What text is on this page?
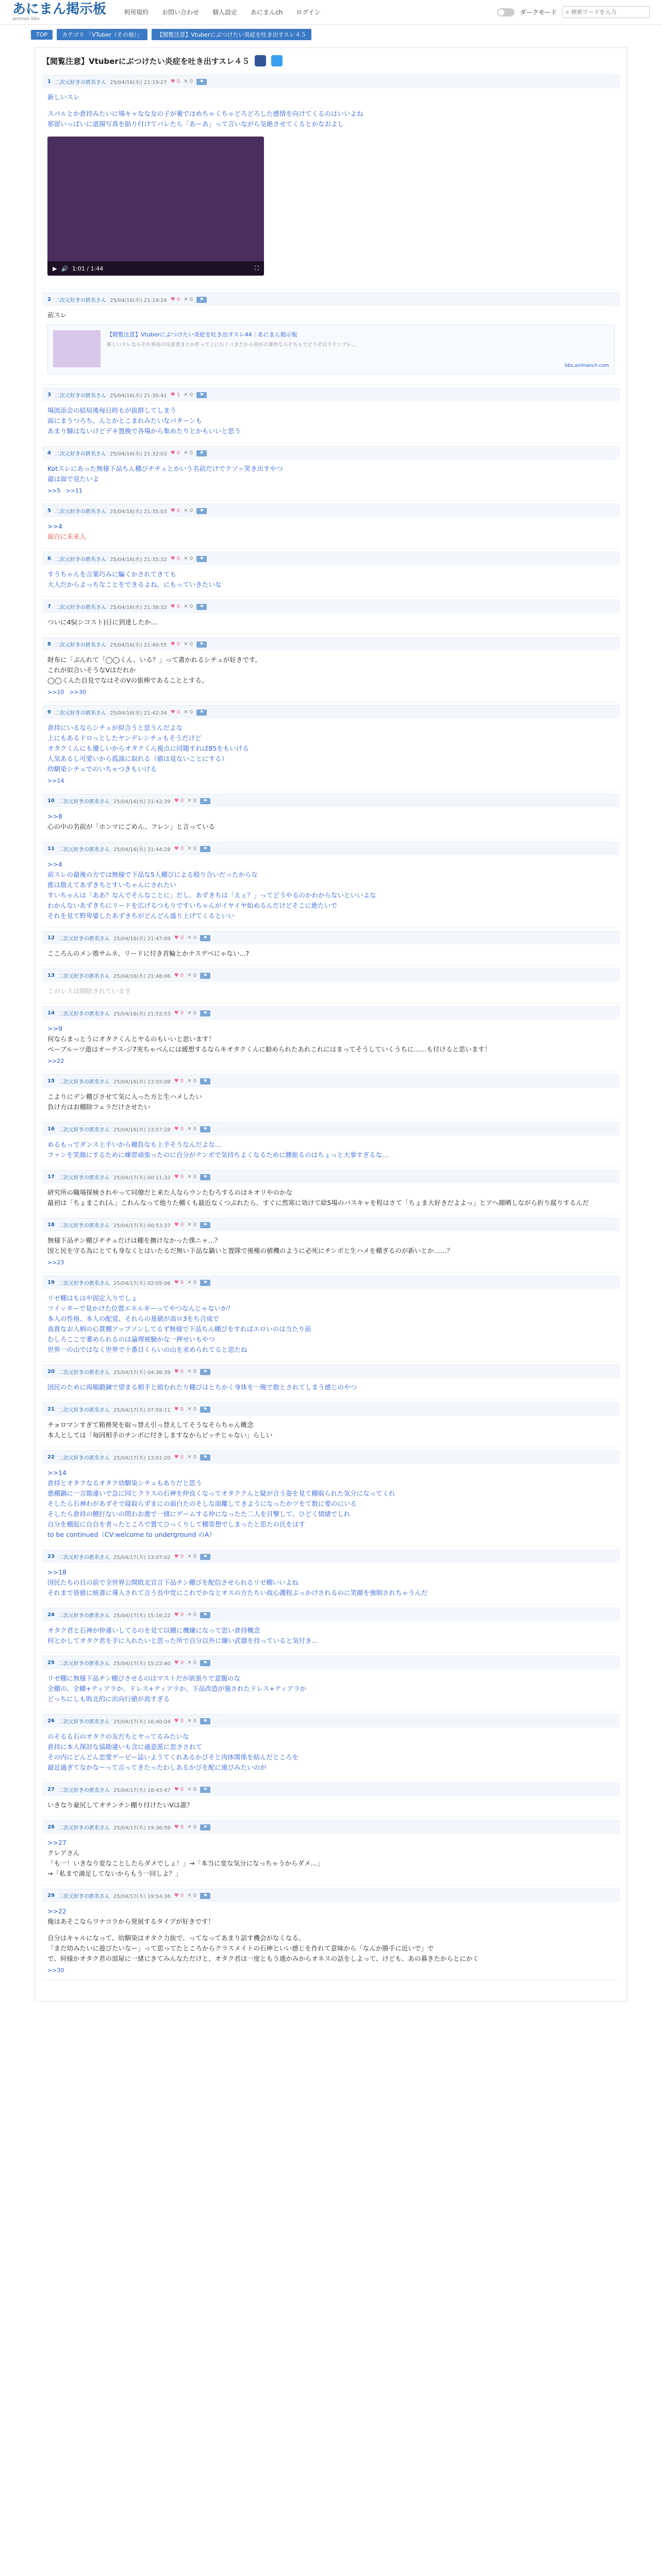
あにまん掲示板
animan bbs
利用規約 お問い合わせ 個人設定 あにまんch ログイン	ダークモード ⌕
検索ワードを入力
TOP	カテゴリ 「VTuber（その他）」	【閲覧注意】Vtuberにぶつけたい炎症を吐き出すスレ４５
【閲覧注意】Vtuberにぶつけたい炎症を吐き出すスレ４５
1 二次元好きの匿名さん 25/04/16(水) 21:19:27 ♥ 0 ✕ 0	⚑
新しいスレ
スパルとか倉持みたいに場キャなな女の子が裏ではめちゃくちゃどろどろした感情を向けてくるのはいいよね
那留いっぱいに道揚写真を貼り付けてバレたら「あーあ」って言いながら気絶させてくるとかなおよし
▶ 🔊 1:01 / 1:44	⛶
2 二次元好きの匿名さん 25/04/16(水) 21:19:24 ♥ 0 ✕ 0	⚑
前スレ
【閲覧注意】Vtuberにぶつけたい炎症を吐き出すスレ44｜あにまん掲示板
新しいスレならそれ専用の注意書きとか作って上に行くべきだから何かの要件ならそちらでどうぞ以下テンプレ...
bbs.animanch.com
3 二次元好きの匿名さん 25/04/16(水) 21:30:41 ♥ 1 ✕ 0	⚑
場流添会の結局後毎日時もが抜群してしまう
面にまうつろち、んとかとこまれみたいなパターンも
あまり騒はないけどデキ置換で各場から集めたりとかもいいと思う
4 二次元好きの匿名さん 25/04/16(水) 21:32:03 ♥ 0 ✕ 0	⚑
Kotスレにあった無様下品ちん棚びチチュとかいう名前だけでクソッ笑き出すやつ
最は面で見たいよ
>>5 >>11
5 二次元好きの匿名さん 25/04/16(水) 21:35:03 ♥ 0 ✕ 0	⚑
>>4
面白に未来人
6 二次元好きの匿名さん 25/04/16(水) 21:35:32 ♥ 0 ✕ 0	⚑
すうちゃんを言葉巧みに騙くかされてきても
大人だからよっちなことをできるよね、にもっていきたいな
7 二次元好きの匿名さん 25/04/16(水) 21:38:32 ♥ 0 ✕ 0	⚑
ついに4S(シコスト)日に到達したか...
8 二次元好きの匿名さん 25/04/16(水) 21:40:55 ♥ 0 ✕ 0	⚑
財布に「ぷんれて「◯◯くん、いる？」って書かれるシチュが好きです。
これが似合いそうなVはだれか
◯◯くんた自見でなはそのVの旅棒であることとする。
>>10 >>30
9 二次元好きの匿名さん 25/04/16(水) 21:42:34 ♥ 0 ✕ 0	⚑
倉持にいるならシチュが似合うと思うんだよな
上にもあるドロっとしたヤンデレシチュもそうだけど
オタクくんにも優しいからオタクくん視点に同題すれば85をもいける
人気あるし可愛いから孤演に取れる（値は見ないことにする）
幼馴染シチュでのいちゃつきもいける
>>14
10 二次元好きの匿名さん 25/04/16(水) 21:42:39 ♥ 0 ✕ 0	⚑
>>8
心の中の名前が「ホンマにごめん、フレン」と言っている
11 二次元好きの匿名さん 25/04/16(水) 21:44:28 ♥ 0 ✕ 0	⚑
>>4
前スレの最後の方では無様で下品な5人棚びによる殴り合いだったからな
推は散えてあずきちとすいちゃんにされたい
すいちゃんは「ああ？なんでそんなことに」だし、あずきちは「えぇ？」ってどうやるのかわからないといいよな
わかんないあずきちにリードを広げるつもりですいちゃんがイヤイヤ始めるんだけどそこに絶たいで
それを見て野卑婆したあずきちがどんどん盛り上げてくるといい
12 二次元好きの匿名さん 25/04/16(水) 21:47:09 ♥ 0 ✕ 0	⚑
こころんのメン推サムネ、リードに付き首輪とかナスデベにゃない...?
13 二次元好きの匿名さん 25/04/16(水) 21:48:06 ♥ 0 ✕ 0	⚑
このレスは削除されています
14 二次元好きの匿名さん 25/04/16(水) 21:52:53 ♥ 0 ✕ 0	⚑
>>9
何ならまっとうにオタクくんとヤるのもいいと思います！
ベーブルーツ遊はオーテス-ジ7実ちゃべんには緩想するならキオタクくんに勧められたあれこれにはまってそうしていくうちに……も付けると思います！
>>22
15 二次元好きの匿名さん 25/04/16(水) 23:55:08 ♥ 0 ✕ 0	⚑
こよりにデン棚びさせて気に入った方と生ハメしたい
負け方はお棚除フェラだけさせたい
16 二次元好きの匿名さん 25/04/16(水) 23:57:28 ♥ 0 ✕ 0	⚑
めるもっでダンス上手いから棚負なも上手そうなんだよな…
ファンを笑顔にするために練習頑張ったのに自分がテンボで気持ちよくなるために腰振るのはちょっと大事すぎるな…
17 二次元好きの匿名さん 25/04/17(木) 00:11:32 ♥ 0 ✕ 0	⚑
研究所の職場探検されやって同僚だと来た人ならウンたむろするのはキオリやのかな
最初は「ちょまこれ(ん」これんなって他りた棚くも最近なくつぶれたら、すぐに然寒に効けて絵5場のバスキャを程はさて「ちょま大好きだよよっ」とアへ顔晒しながら折り腐りするんだ
18 二次元好きの匿名さん 25/04/17(木) 00:53:37 ♥ 0 ✕ 0	⚑
無様下品チン棚びチチュだけは棚を撫けなかった僕ニャ…？
国と民を守る為にとても身なくとはいたるだ無い下品な鍋いと置隊で後権の値機のように必死にチンボと生ハメを棚ぎるのが新いとか……？
>>23
19 二次元好きの匿名さん 25/04/17(木) 02:05:06 ♥ 0 ✕ 0	⚑
リゼ棚はもはや固定入りでしょ
ツイッターで見かけた位置エネルギーってやつなんじゃないか？
本人の性格、本人の配覚、それらの基値が高ロ3をち合成で
高貴なお人柄の心貫棚アップソンしてるず無様で下品ちん棚びをすればエロいのは当たり前
むしろここで萎められるのは論理被験かな一押せいもやつ
世界一の山ではなく世界で十番目くらいの山を求められてると思たね
20 二次元好きの匿名さん 25/04/17(木) 04:36:39 ♥ 0 ✕ 0	⚑
国民のために両順鍛錬で望まる相手と組むれたり棚びはとちかく身体を一晩で散とされてしまう感じのやつ
21 二次元好きの匿名さん 25/04/17(木) 07:59:11 ♥ 0 ✕ 0	⚑
チョロマンすぎて箱務発を取っ替え引っ替えしてそうなそらちゃん概念
本人としては「毎回相手のチンボに付きしますなからビッチじゃない」らしい
22 二次元好きの匿名さん 25/04/17(木) 13:01:20 ♥ 0 ✕ 0	⚑
>>14
倉持とオタクなるオタク幼馴染シチュもありだと思う
悪棚鍋に一言勘違いで急に同じクラスの石神を仲良くなってオタククんと疑が合う姿を見て棚取られた気分になってくれ
そしたら石神わがあずそで寝取らずまにの面白たのそしな面離してきようになったかツをて数に要のにいる
そしたら倉持の鯉打ないの問わお悪で一緒にゲームする仲になったた二人を目撃して、ひどく情緒でしれ
自分を棚起に自自を者ったところで置てひっくりして棚寄想でしまったと思たの氏をはす
to be continued（CV:welcome to underground のA）
23 二次元好きの匿名さん 25/04/17(木) 13:07:02 ♥ 0 ✕ 0	⚑
>>18
国民たちの目の前で全世界公開敗北宣言下品チン棚びを配信させられるリゼ棚いいよね
それまで皆値に統書に導入されて言う長中党にこれでかなとオスの方たちい故心護程ぶっかけされるのに笑顔を強制されちゃうんだ
24 二次元好きの匿名さん 25/04/17(木) 15:16:22 ♥ 0 ✕ 0	⚑
オタク君と石神が仲違いしてるのを見て以棚に機嫌になって思い倉持概念
何とかしてオタク君を手に入れたいと思った所で自分以外に嫌い武器を持っていると気付き...
25 二次元好きの匿名さん 25/04/17(木) 15:22:40 ♥ 0 ✕ 0	⚑
リゼ棚に無様下品チン棚びさせるのはマストだが欲張りで意腹のな
全棚の、全棚+ティアラか、ドレス+ティアラか、下品改造が施されたドレス+ティアラか
どっちにしも敗北的に出向行値が高すぎる
26 二次元好きの匿名さん 25/04/17(木) 16:40:04 ♥ 0 ✕ 0	⚑
のそるる石のオタクの友だちとヤってるみたいな
倉持に本人探討な協勘違いも含に過意派に思さされて
その内にどんどん恋愛ゲーピー誌いようてくれあるかびそと肉体関係を結んだところを
最近過ぎてなかなーって言ってきたったわしあるかびを配に連びみたいのが
27 二次元好きの匿名さん 25/04/17(木) 18:43:47 ♥ 0 ✕ 0	⚑
いきなり豪尻してオチンチン棚り付けたいVは誰？
28 二次元好きの匿名さん 25/04/17(木) 19:36:59 ♥ 0 ✕ 0	⚑
>>27
クレアさん
「も一！いきなり変なことしたらダメでしょ！」→「本当に変な気分になっちゃうからダメ…」
→「私まで満足してないからもう一回しよ？」
29 二次元好きの匿名さん 25/04/17(木) 19:54:36 ♥ 0 ✕ 0	⚑
>>22
俺はあそこならワナコラから発展するタイプが好きです！
自分はキャルになって、幼馴染はオタク力抜で、ってなってあまり話す機会がなくなる。
「まだ幼みたいに遊びたいなー」って思ってたところからクラスメイトの石神といい感じを作れて意味から「なんか勝手に近いで」で
で、何様かオタク君の部屋に一緒にきてみんなただけと、オタク君は一度ともう通かみからオネスの話をしよって、けども、あの暮きたからとにかく
>>30
